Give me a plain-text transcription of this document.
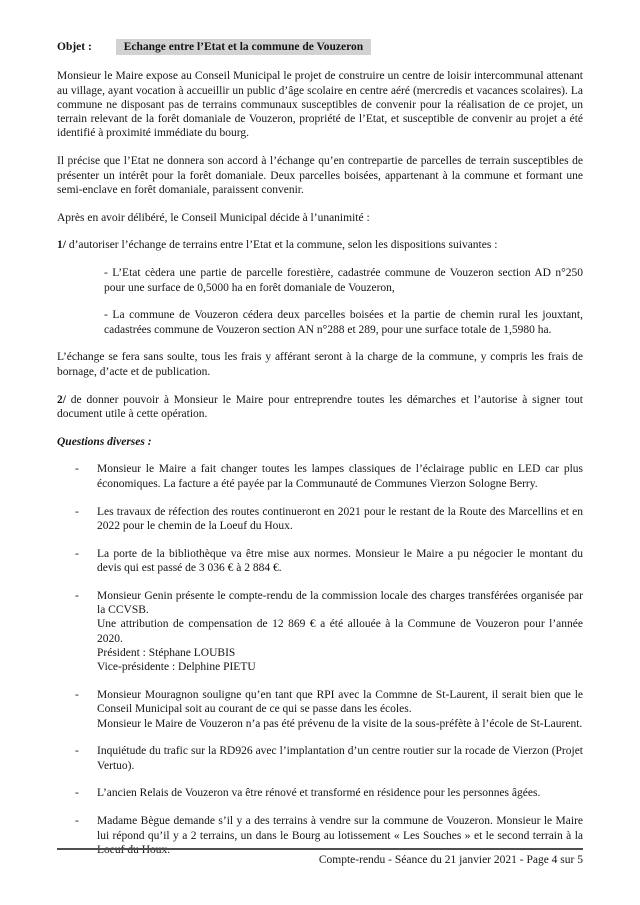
Objet :	Echange entre l’Etat et la commune de Vouzeron

Monsieur le Maire expose au Conseil Municipal le projet de construire un centre de loisir intercommunal attenant au village, ayant vocation à accueillir un public d’âge scolaire en centre aéré (mercredis et vacances scolaires). La commune ne disposant pas de terrains communaux susceptibles de convenir pour la réalisation de ce projet, un terrain relevant de la forêt domaniale de Vouzeron, propriété de l’Etat, et susceptible de convenir au projet a été identifié à proximité immédiate du bourg.

Il précise que l’Etat ne donnera son accord à l’échange qu’en contrepartie de parcelles de terrain susceptibles de présenter un intérêt pour la forêt domaniale. Deux parcelles boisées, appartenant à la commune et formant une semi-enclave en forêt domaniale, paraissent convenir.

Après en avoir délibéré, le Conseil Municipal décide à l’unanimité :

1/ d’autoriser l’échange de terrains entre l’Etat et la commune, selon les dispositions suivantes :

- L’Etat cèdera une partie de parcelle forestière, cadastrée commune de Vouzeron section AD n°250 pour une surface de 0,5000 ha en forêt domaniale de Vouzeron,

- La commune de Vouzeron cédera deux parcelles boisées et la partie de chemin rural les jouxtant, cadastrées commune de Vouzeron section AN n°288 et 289, pour une surface totale de 1,5980 ha.

L’échange se fera sans soulte, tous les frais y afférant seront à la charge de la commune, y compris les frais de bornage, d’acte et de publication.

2/ de donner pouvoir à Monsieur le Maire pour entreprendre toutes les démarches et l’autorise à signer tout document utile à cette opération.

Questions diverses :

-	Monsieur le Maire a fait changer toutes les lampes classiques de l’éclairage public en LED car plus économiques. La facture a été payée par la Communauté de Communes Vierzon Sologne Berry.
-	Les travaux de réfection des routes continueront en 2021 pour le restant de la Route des Marcellins et en 2022 pour le chemin de la Loeuf du Houx.
-	La porte de la bibliothèque va être mise aux normes. Monsieur le Maire a pu négocier le montant du devis qui est passé de 3 036 € à 2 884 €.
-	Monsieur Genin présente le compte-rendu de la commission locale des charges transférées organisée par la CCVSB.
Une attribution de compensation de 12 869 € a été allouée à la Commune de Vouzeron pour l’année 2020.
Président : Stéphane LOUBIS
Vice-présidente : Delphine PIETU
-	Monsieur Mouragnon souligne qu’en tant que RPI avec la Commne de St-Laurent, il serait bien que le Conseil Municipal soit au courant de ce qui se passe dans les écoles.
Monsieur le Maire de Vouzeron n’a pas été prévenu de la visite de la sous-préfète à l’école de St-Laurent.
-	Inquiétude du trafic sur la RD926 avec l’implantation d’un centre routier sur la rocade de Vierzon (Projet Vertuo).
-	L’ancien Relais de Vouzeron va être rénové et transformé en résidence pour les personnes âgées.
-	Madame Bègue demande s’il y a des terrains à vendre sur la commune de Vouzeron. Monsieur le Maire lui répond qu’il y a 2 terrains, un dans le Bourg au lotissement « Les Souches » et le second terrain à la Loeuf du Houx.
Compte-rendu - Séance du 21 janvier 2021 - Page 4 sur 5
